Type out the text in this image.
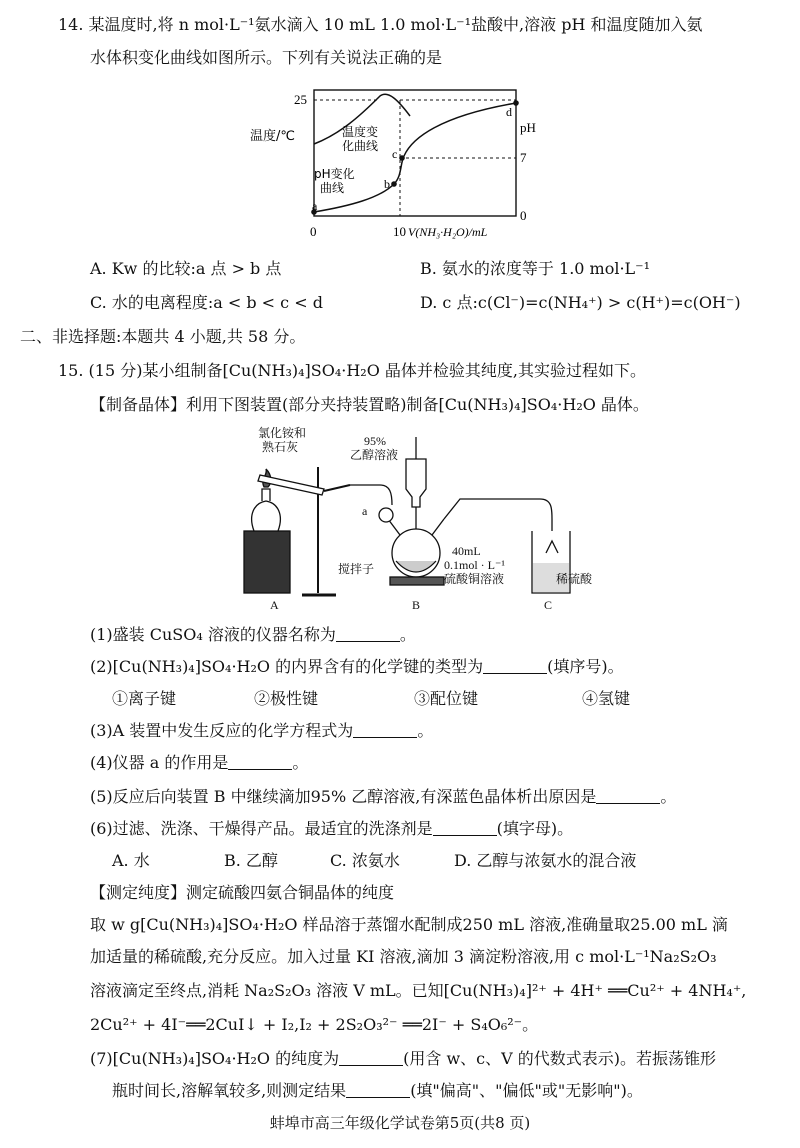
14. 某温度时,将 n mol·L⁻¹氨水滴入 10 mL 1.0 mol·L⁻¹盐酸中,溶液 pH 和温度随加入氨
水体积变化曲线如图所示。下列有关说法正确的是
a
b
c
d
25
7
0
0	10
温度/℃
pH
V(NH₃·H₂O)/mL
温度变
化曲线
pH变化
曲线
A. Kw 的比较:a 点 > b 点	B. 氨水的浓度等于 1.0 mol·L⁻¹
C. 水的电离程度:a < b < c < d	D. c 点:c(Cl⁻)=c(NH₄⁺) > c(H⁺)=c(OH⁻)
二、非选择题:本题共 4 小题,共 58 分。
15. (15 分)某小组制备[Cu(NH₃)₄]SO₄·H₂O 晶体并检验其纯度,其实验过程如下。
【制备晶体】利用下图装置(部分夹持装置略)制备[Cu(NH₃)₄]SO₄·H₂O 晶体。
氯化铵和
熟石灰	95%
乙醇溶液
a
搅拌子
40mL
0.1mol · L⁻¹
硫酸铜溶液	稀硫酸
A	B	C
(1)盛装 CuSO₄ 溶液的仪器名称为	。
(2)[Cu(NH₃)₄]SO₄·H₂O 的内界含有的化学键的类型为	(填序号)。
①离子键	②极性键	③配位键	④氢键
(3)A 装置中发生反应的化学方程式为	。
(4)仪器 a 的作用是	。
(5)反应后向装置 B 中继续滴加95% 乙醇溶液,有深蓝色晶体析出原因是	。
(6)过滤、洗涤、干燥得产品。最适宜的洗涤剂是	(填字母)。
A. 水	B. 乙醇	C. 浓氨水	D. 乙醇与浓氨水的混合液
【测定纯度】测定硫酸四氨合铜晶体的纯度
取 w g[Cu(NH₃)₄]SO₄·H₂O 样品溶于蒸馏水配制成250 mL 溶液,准确量取25.00 mL 滴
加适量的稀硫酸,充分反应。加入过量 KI 溶液,滴加 3 滴淀粉溶液,用 c mol·L⁻¹Na₂S₂O₃
溶液滴定至终点,消耗 Na₂S₂O₃ 溶液 V mL。已知[Cu(NH₃)₄]²⁺ + 4H⁺ ══Cu²⁺ + 4NH₄⁺,
2Cu²⁺ + 4I⁻══2CuI↓ + I₂,I₂ + 2S₂O₃²⁻ ══2I⁻ + S₄O₆²⁻。
(7)[Cu(NH₃)₄]SO₄·H₂O 的纯度为	(用含 w、c、V 的代数式表示)。若振荡锥形
瓶时间长,溶解氧较多,则测定结果	(填"偏高"、"偏低"或"无影响")。
蚌埠市高三年级化学试卷第5页(共8 页)
